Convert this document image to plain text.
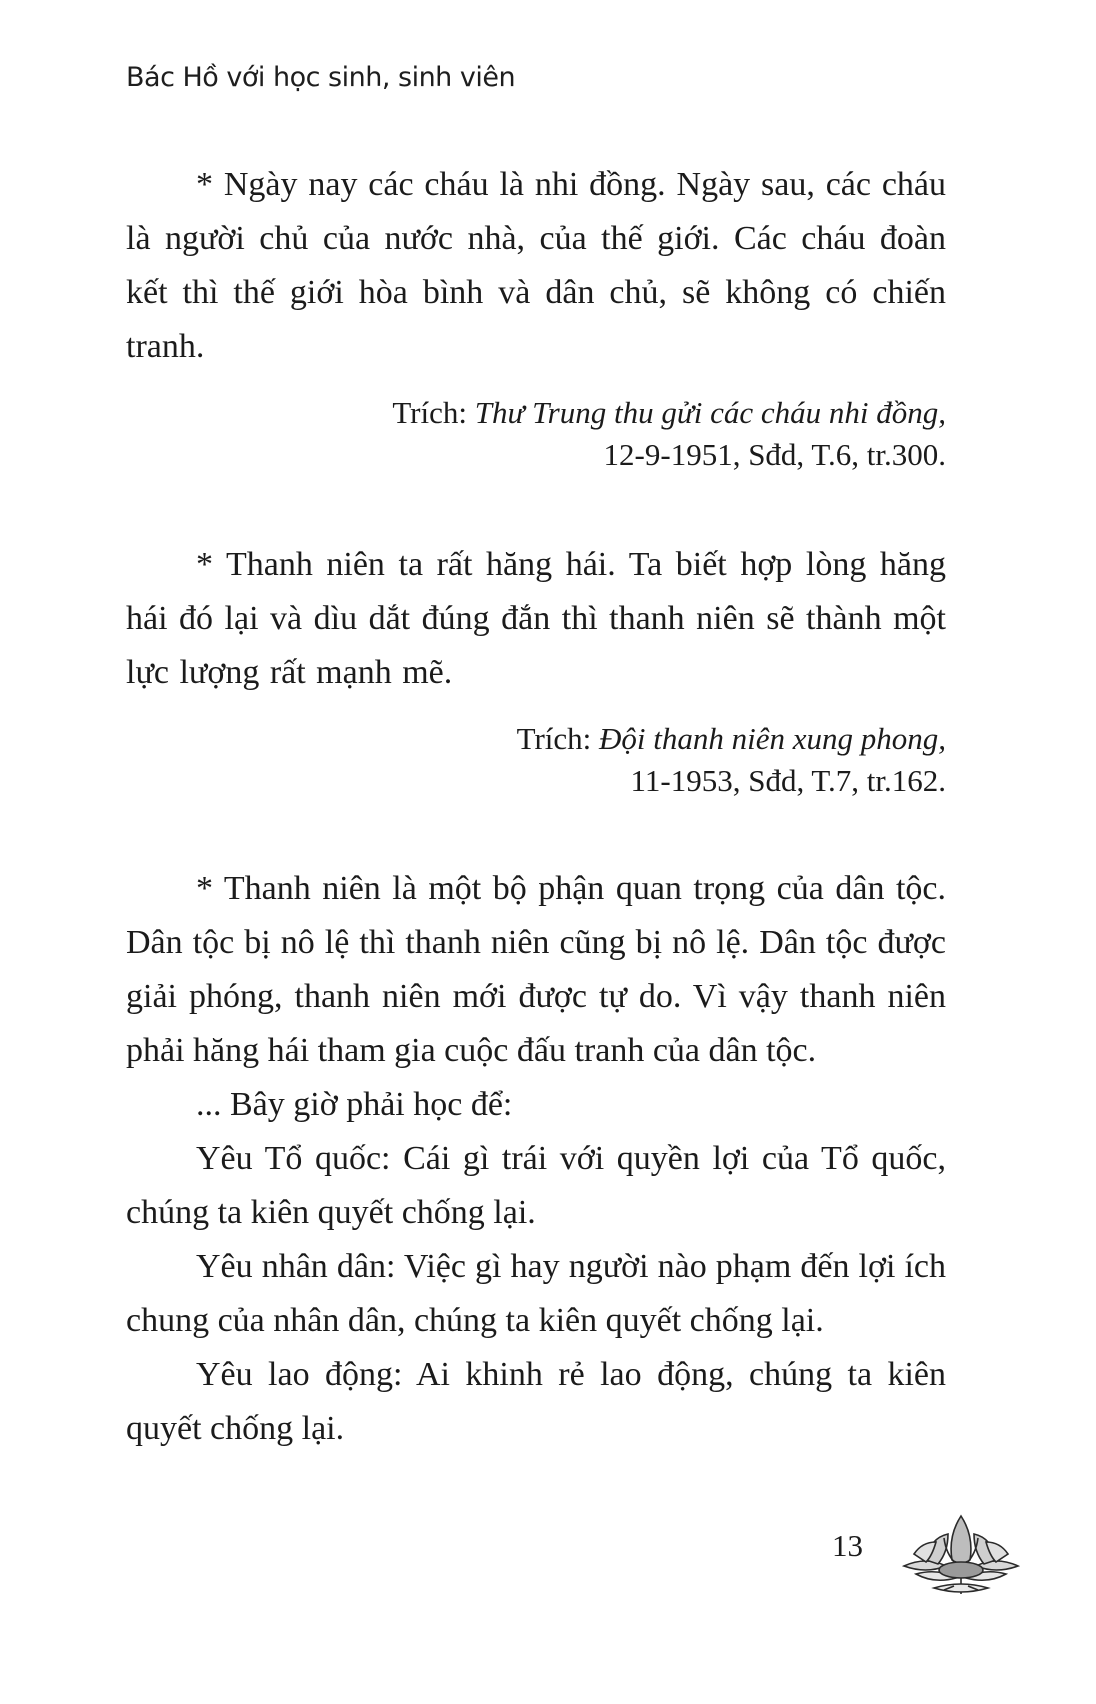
Bác Hồ với học sinh, sinh viên

* Ngày nay các cháu là nhi đồng. Ngày sau, các cháu là người chủ của nước nhà, của thế giới. Các cháu đoàn kết thì thế giới hòa bình và dân chủ, sẽ không có chiến tranh.

Trích: Thư Trung thu gửi các cháu nhi đồng,
12-9-1951, Sđd, T.6, tr.300.

* Thanh niên ta rất hăng hái. Ta biết hợp lòng hăng hái đó lại và dìu dắt đúng đắn thì thanh niên sẽ thành một lực lượng rất mạnh mẽ.

Trích: Đội thanh niên xung phong,
11-1953, Sđd, T.7, tr.162.

* Thanh niên là một bộ phận quan trọng của dân tộc. Dân tộc bị nô lệ thì thanh niên cũng bị nô lệ. Dân tộc được giải phóng, thanh niên mới được tự do. Vì vậy thanh niên phải hăng hái tham gia cuộc đấu tranh của dân tộc.

... Bây giờ phải học để:

Yêu Tổ quốc: Cái gì trái với quyền lợi của Tổ quốc, chúng ta kiên quyết chống lại.

Yêu nhân dân: Việc gì hay người nào phạm đến lợi ích chung của nhân dân, chúng ta kiên quyết chống lại.

Yêu lao động: Ai khinh rẻ lao động, chúng ta kiên quyết chống lại.

13
